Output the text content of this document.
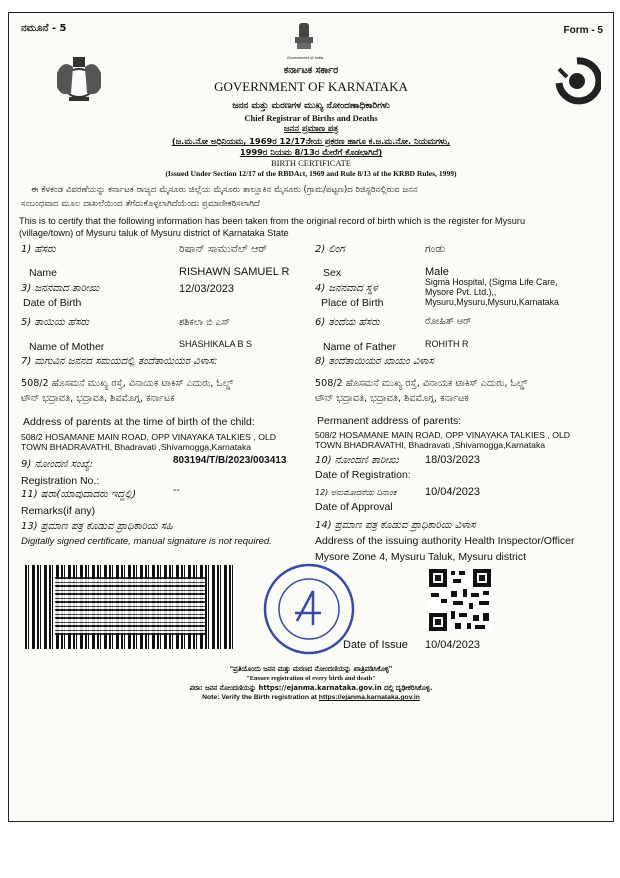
ನಮೂನೆ - 5	Form - 5
Government of India
ಕರ್ನಾಟಕ ಸರ್ಕಾರ
GOVERNMENT OF KARNATAKA
ಜನನ ಮತ್ತು ಮರಣಗಳ ಮುಖ್ಯ ನೋಂದಣಾಧಿಕಾರಿಗಳು
Chief Registrar of Births and Deaths
ಜನನ ಪ್ರಮಾಣ ಪತ್ರ
(ಜ.ಮ.ನೋ ಅಧಿನಿಯಮ, 1969ರ 12/17ನೇಯ ಪ್ರಕರಣ ಹಾಗೂ ಕ.ಜ.ಮ.ನೋ. ನಿಯಮಗಳು,
1999ರ ನಿಯಮ 8/13ರ ಮೇರೆಗೆ ಕೊಡಲಾಗಿದೆ)
BIRTH CERTIFICATE
(Issued Under Section 12/17 of the RBDAct, 1969 and Rule 8/13 of the KRBD Rules, 1999)
ಈ ಕೆಳಕಂಡ ವಿವರಣೆಯನ್ನು ಕರ್ನಾಟಕ ರಾಜ್ಯದ ಮೈಸೂರು ಜಿಲ್ಲೆಯ ಮೈಸೂರು ತಾಲ್ಲೂಕಿನ ಮೈಸೂರು (ಗ್ರಾಮ/ಪಟ್ಟಣ)ದ ರಿಜಿಸ್ಟರಿನಲ್ಲಿರುವ ಜನನ
ಸಂಬಂಧವಾದ ಮೂಲ ದಾಖಲೆಯಿಂದ ತೆಗೆದುಕೊಳ್ಳಲಾಗಿದೆಯೆಂದು ಪ್ರಮಾಣೀಕರಿಸಲಾಗಿದೆ
This is to certify that the following information has been taken from the original record of birth which is the register for Mysuru
(village/town) of Mysuru taluk of Mysuru district of Karnataka State
1) ಹೆಸರು	ರಿಷಾನ್ ಸಾಮುವೆಲ್ ಆರ್	2) ಲಿಂಗ	ಗಂಡು
Name	RISHAWN SAMUEL R	Sex	Male
3) ಜನನವಾದ ತಾರೀಖು	12/03/2023
Date of Birth
4) ಜನನವಾದ ಸ್ಥಳ
Place of Birth
Sigma Hospital, (Sigma Life Care,
Mysore Pvt. Ltd.),,
Mysuru,Mysuru,Mysuru,Karnataka
5) ತಾಯಿಯ ಹೆಸರು	ಶಶಿಕಲಾ ಬಿ ಎಸ್	6) ತಂದೆಯ ಹೆಸರು	ರೋಹಿತ್ ಆರ್
Name of Mother	SHASHIKALA B S	Name of Father	ROHITH R
7) ಮಗುವಿನ ಜನನದ ಸಮಯದಲ್ಲಿ ತಂದೆತಾಯಿಯರ ವಿಳಾಸ:	8) ತಂದೆತಾಯಿಯರ ಖಾಯಂ ವಿಳಾಸ
508/2 ಹೊಸಮನೆ ಮುಖ್ಯ ರಸ್ತೆ, ವಿನಾಯಕ ಟಾಕಿಸ್ ಎದುರು, ಓಲ್ಡ್
ಟೌನ್ ಭದ್ರಾವತಿ, ಭದ್ರಾವತಿ, ಶಿವಮೊಗ್ಗ, ಕರ್ನಾಟಕ
508/2 ಹೊಸಮನೆ ಮುಖ್ಯ ರಸ್ತೆ, ವಿನಾಯಕ ಟಾಕಿಸ್ ಎದುರು, ಓಲ್ಡ್
ಟೌನ್ ಭದ್ರಾವತಿ, ಭದ್ರಾವತಿ, ಶಿವಮೊಗ್ಗ, ಕರ್ನಾಟಕ
Address of parents at the time of birth of the child:	Permanent address of parents:
508/2 HOSAMANE MAIN ROAD, OPP VINAYAKA TALKIES , OLD
TOWN BHADRAVATHI, Bhadravati ,Shivamogga,Karnataka
508/2 HOSAMANE MAIN ROAD, OPP VINAYAKA TALKIES , OLD
TOWN BHADRAVATHI, Bhadravati ,Shivamogga,Karnataka
9) ನೋಂದಣಿ ಸಂಖ್ಯೆ:	803194/T/B/2023/003413
Registration No.:
10) ನೋಂದಣಿ ತಾರೀಖು 18/03/2023
Date of Registration:
11) ಷರಾ(ಯಾವುದಾದರು ಇದ್ದಲ್ಲಿ)	--
Remarks(if any)
12) ಅನುಮೋದನೆಯ ದಿನಾಂಕ	10/04/2023
Date of Approval
13) ಪ್ರಮಾಣ ಪತ್ರ ಕೊಡುವ ಪ್ರಾಧಿಕಾರಿಯ ಸಹಿ
Digitally signed certificate, manual signature is not required.
14) ಪ್ರಮಾಣ ಪತ್ರ ಕೊಡುವ ಪ್ರಾಧಿಕಾರಿಯ ವಿಳಾಸ
Address of the issuing authority Health Inspector/Officer
Mysore Zone 4, Mysuru Taluk, Mysuru district
Date of Issue 10/04/2023
"ಪ್ರತಿಯೊಂದು ಜನನ ಮತ್ತು ಮರಣದ ನೋಂದಣಿಯನ್ನು ಖಾತ್ರಿಪಡಿಸಿಕೊಳ್ಳಿ"
"Ensure registration of every birth and death"
ಪರಾ: ಜನನ ನೋಂದಣಿಯನ್ನು https://ejanma.karnataka.gov.in ದಲ್ಲಿ ದೃಢೀಕರಿಸಿಕೊಳ್ಳಿ.
Note: Verify the Birth registration at https://ejanma.karnataka.gov.in
